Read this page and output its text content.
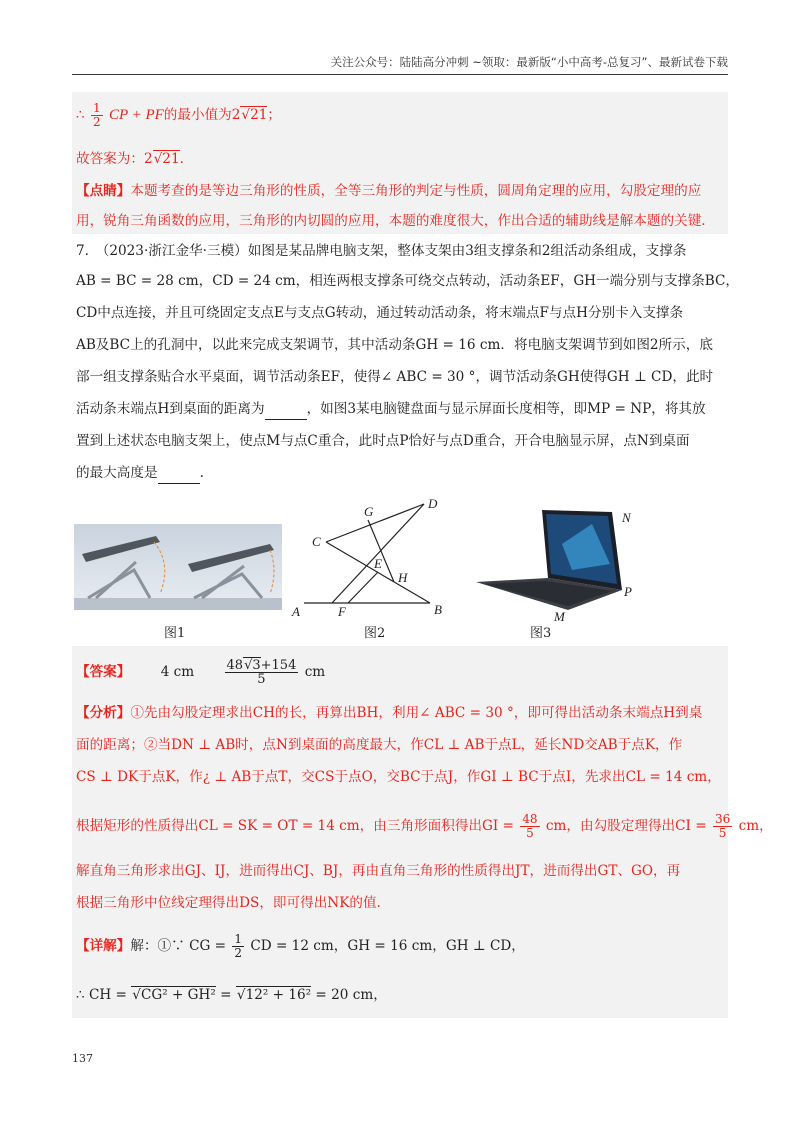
关注公众号：陆陆高分冲刺 ~领取：最新版“小中高考-总复习”、最新试卷下载
∴ $\frac{1}{2}$ CP + PF的最小值为2√21；
故答案为：2√21.
【点睛】本题考查的是等边三角形的性质，全等三角形的判定与性质，圆周角定理的应用，勾股定理的应
用，锐角三角函数的应用，三角形的内切圆的应用，本题的难度很大，作出合适的辅助线是解本题的关键.
7.　（2023·浙江金华·三模）如图是某品牌电脑支架，整体支架由3组支撑条和2组活动条组成，支撑条
AB = BC = 28 cm，CD = 24 cm，相连两根支撑条可绕交点转动，活动条EF，GH一端分别与支撑条BC，
CD中点连接，并且可绕固定支点E与支点G转动，通过转动活动条，将末端点F与点H分别卡入支撑条
AB及BC上的孔洞中，以此来完成支架调节，其中活动条GH = 16 cm．将电脑支架调节到如图2所示，底
部一组支撑条贴合水平桌面，调节活动条EF，使得∠ ABC = 30 °，调节活动条GH使得GH ⊥ CD，此时
活动条末端点H到桌面的距离为	，如图3某电脑键盘面与显示屏面长度相等，即MP = NP，将其放
置到上述状态电脑支架上，使点M与点C重合，此时点P恰好与点D重合，开合电脑显示屏，点N到桌面
的最大高度是	.
A	F	B
C
D
G
E
H
N
P
M
图1	图2	图3
【答案】 4 cm $\frac{48√3+154}{5}$ cm
【分析】①先由勾股定理求出CH的长，再算出BH，利用∠ ABC = 30 °，即可得出活动条末端点H到桌
面的距离；②当DN ⊥ AB时，点N到桌面的高度最大，作CL ⊥ AB于点L，延长ND交AB于点K，作
CS ⊥ DK于点K，作¿ ⊥ AB于点T，交CS于点O，交BC于点J，作GI ⊥ BC于点I，先求出CL = 14 cm，
根据矩形的性质得出CL = SK = OT = 14 cm，由三角形面积得出GI = $\frac{48}{5}$ cm，由勾股定理得出CI = $\frac{36}{5}$ cm，
解直角三角形求出GJ、IJ，进而得出CJ、BJ，再由直角三角形的性质得出JT，进而得出GT、GO，再
根据三角形中位线定理得出DS，即可得出NK的值.
【详解】解：①∵ CG = $\frac{1}{2}$ CD = 12 cm，GH = 16 cm，GH ⊥ CD，
∴ CH = √CG² + GH² = √12² + 16² = 20 cm，
137
